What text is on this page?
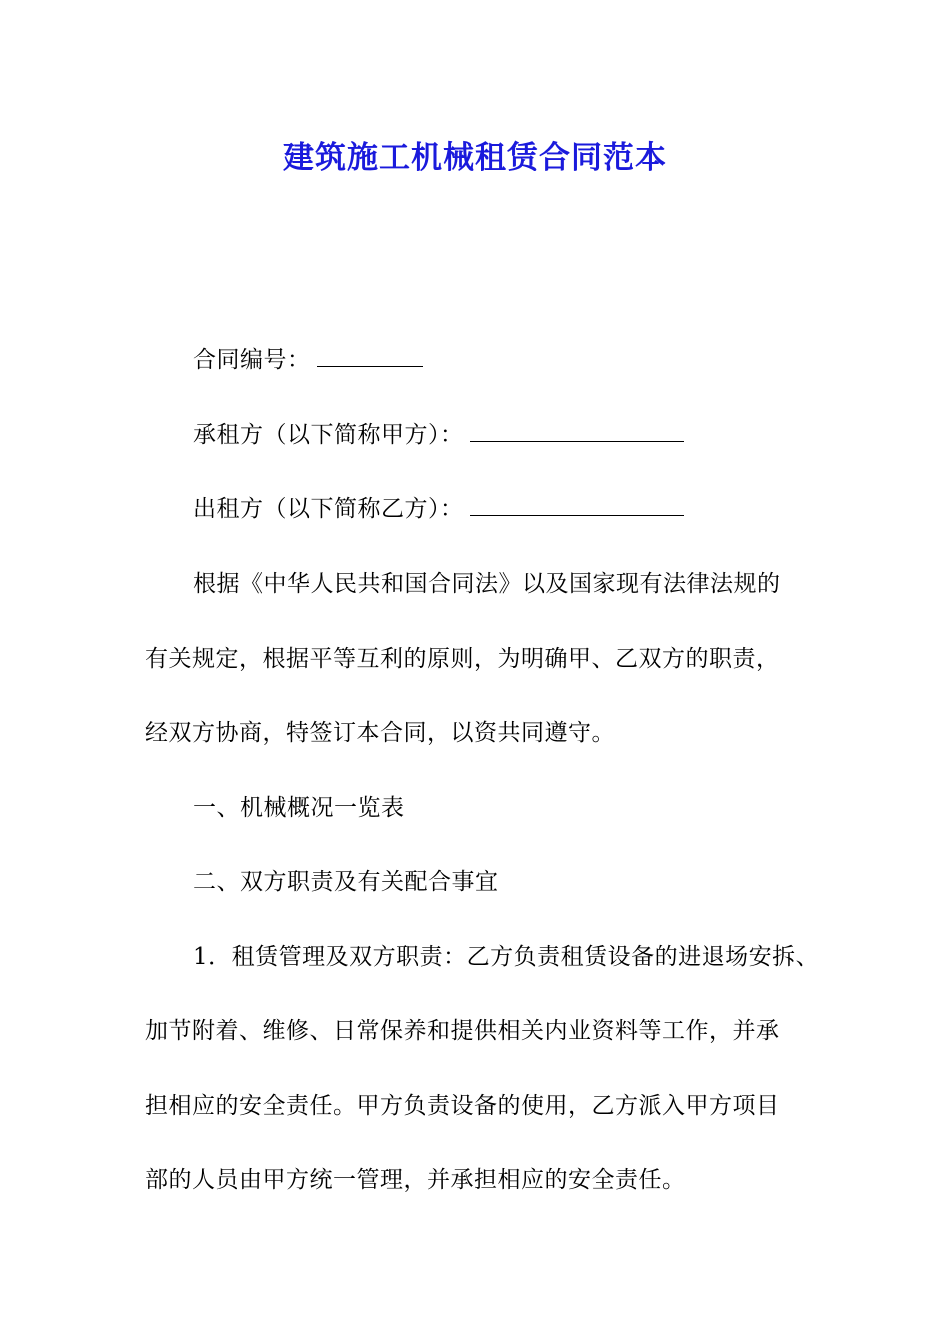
建筑施工机械租赁合同范本
合同编号：
承租方（以下简称甲方）：
出租方（以下简称乙方）：
根据《中华人民共和国合同法》以及国家现有法律法规的
有关规定，根据平等互利的原则，为明确甲、乙双方的职责，
经双方协商，特签订本合同，以资共同遵守。
一、机械概况一览表
二、双方职责及有关配合事宜
1．租赁管理及双方职责：乙方负责租赁设备的进退场安拆、
加节附着、维修、日常保养和提供相关内业资料等工作，并承
担相应的安全责任。甲方负责设备的使用，乙方派入甲方项目
部的人员由甲方统一管理，并承担相应的安全责任。
